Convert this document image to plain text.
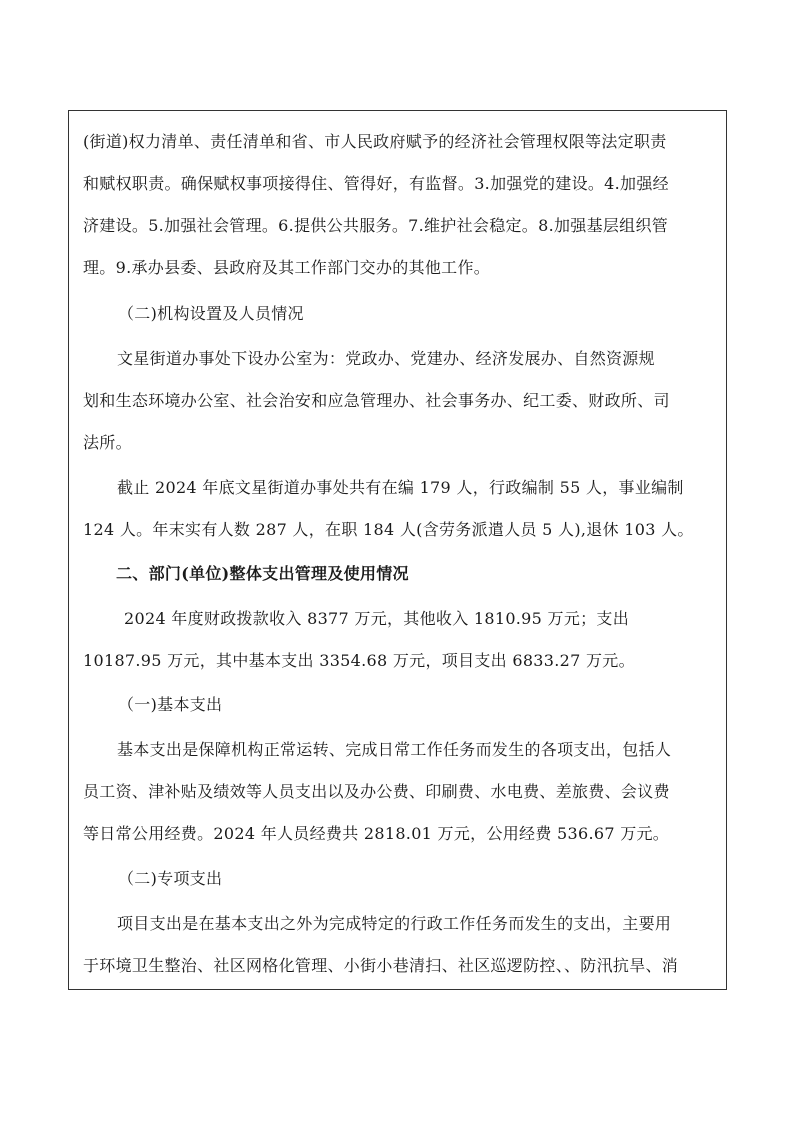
(街道)权力清单、责任清单和省、市人民政府赋予的经济社会管理权限等法定职责
和赋权职责。确保赋权事项接得住、管得好，有监督。3.加强党的建设。4.加强经
济建设。5.加强社会管理。6.提供公共服务。7.维护社会稳定。8.加强基层组织管
理。9.承办县委、县政府及其工作部门交办的其他工作。
（二)机构设置及人员情况
文星街道办事处下设办公室为：党政办、党建办、经济发展办、自然资源规
划和生态环境办公室、社会治安和应急管理办、社会事务办、纪工委、财政所、司
法所。
截止 2024 年底文星街道办事处共有在编 179 人，行政编制 55 人，事业编制
124 人。年末实有人数 287 人，在职 184 人(含劳务派遣人员 5 人),退休 103 人。
二、部门(单位)整体支出管理及使用情况
2024 年度财政拨款收入 8377 万元，其他收入 1810.95 万元；支出
10187.95 万元，其中基本支出 3354.68 万元，项目支出 6833.27 万元。
（一)基本支出
基本支出是保障机构正常运转、完成日常工作任务而发生的各项支出，包括人
员工资、津补贴及绩效等人员支出以及办公费、印刷费、水电费、差旅费、会议费
等日常公用经费。2024 年人员经费共 2818.01 万元，公用经费 536.67 万元。
（二)专项支出
项目支出是在基本支出之外为完成特定的行政工作任务而发生的支出，主要用
于环境卫生整治、社区网格化管理、小街小巷清扫、社区巡逻防控、、防汛抗旱、消
